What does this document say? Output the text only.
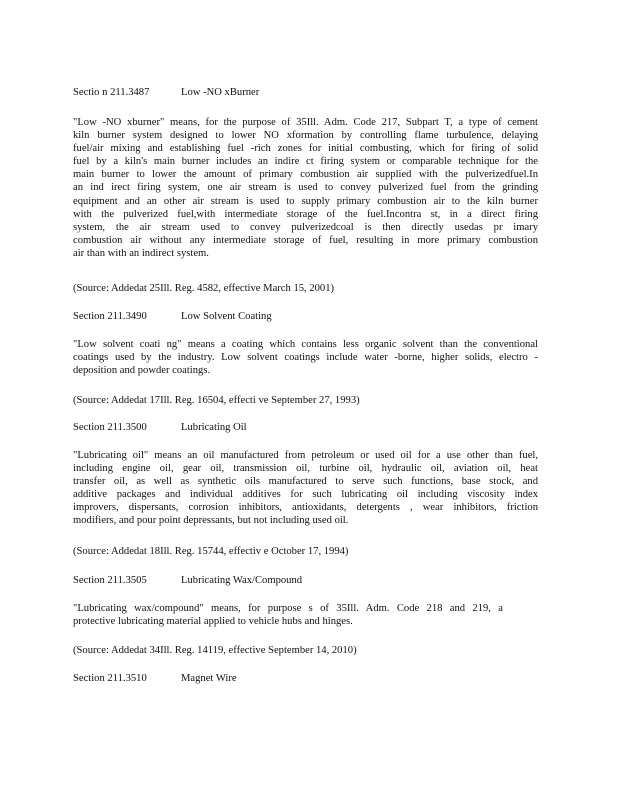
Sectio n 211.3487	Low -NO xBurner
"Low -NO xburner" means, for the purpose of 35Ill. Adm. Code 217, Subpart T, a type of cement
kiln burner system designed to lower NO xformation by controlling flame turbulence, delaying
fuel/air mixing and establishing fuel -rich zones for initial combusting, which for firing of solid
fuel by a kiln's main burner includes an indire ct firing system or comparable technique for the
main burner to lower the amount of primary combustion air supplied with the pulverizedfuel.In
an ind irect firing system, one air stream is used to convey pulverized fuel from the grinding
equipment and an other air stream is used to supply primary combustion air to the kiln burner
with the pulverized fuel,with intermediate storage of the fuel.Incontra st, in a direct firing
system, the air stream used to convey pulverizedcoal is then directly usedas pr imary
combustion air without any intermediate storage of fuel, resulting in more primary combustion
air than with an indirect system.
(Source: Addedat 25Ill. Reg. 4582, effective March 15, 2001)
Section 211.3490	Low Solvent Coating
"Low solvent coati ng" means a coating which contains less organic solvent than the conventional
coatings used by the industry. Low solvent coatings include water -borne, higher solids, electro -
deposition and powder coatings.
(Source: Addedat 17Ill. Reg. 16504, effecti ve September 27, 1993)
Section 211.3500	Lubricating Oil
"Lubricating oil" means an oil manufactured from petroleum or used oil for a use other than fuel,
including engine oil, gear oil, transmission oil, turbine oil, hydraulic oil, aviation oil, heat
transfer oil, as well as synthetic oils manufactured to serve such functions, base stock, and
additive packages and individual additives for such lubricating oil including viscosity index
improvers, dispersants, corrosion inhibitors, antioxidants, detergents , wear inhibitors, friction
modifiers, and pour point depressants, but not including used oil.
(Source: Addedat 18Ill. Reg. 15744, effectiv e October 17, 1994)
Section 211.3505	Lubricating Wax/Compound
"Lubricating wax/compound" means, for purpose s of 35Ill. Adm. Code 218 and 219, a
protective lubricating material applied to vehicle hubs and hinges.
(Source: Addedat 34Ill. Reg. 14119, effective September 14, 2010)
Section 211.3510	Magnet Wire
